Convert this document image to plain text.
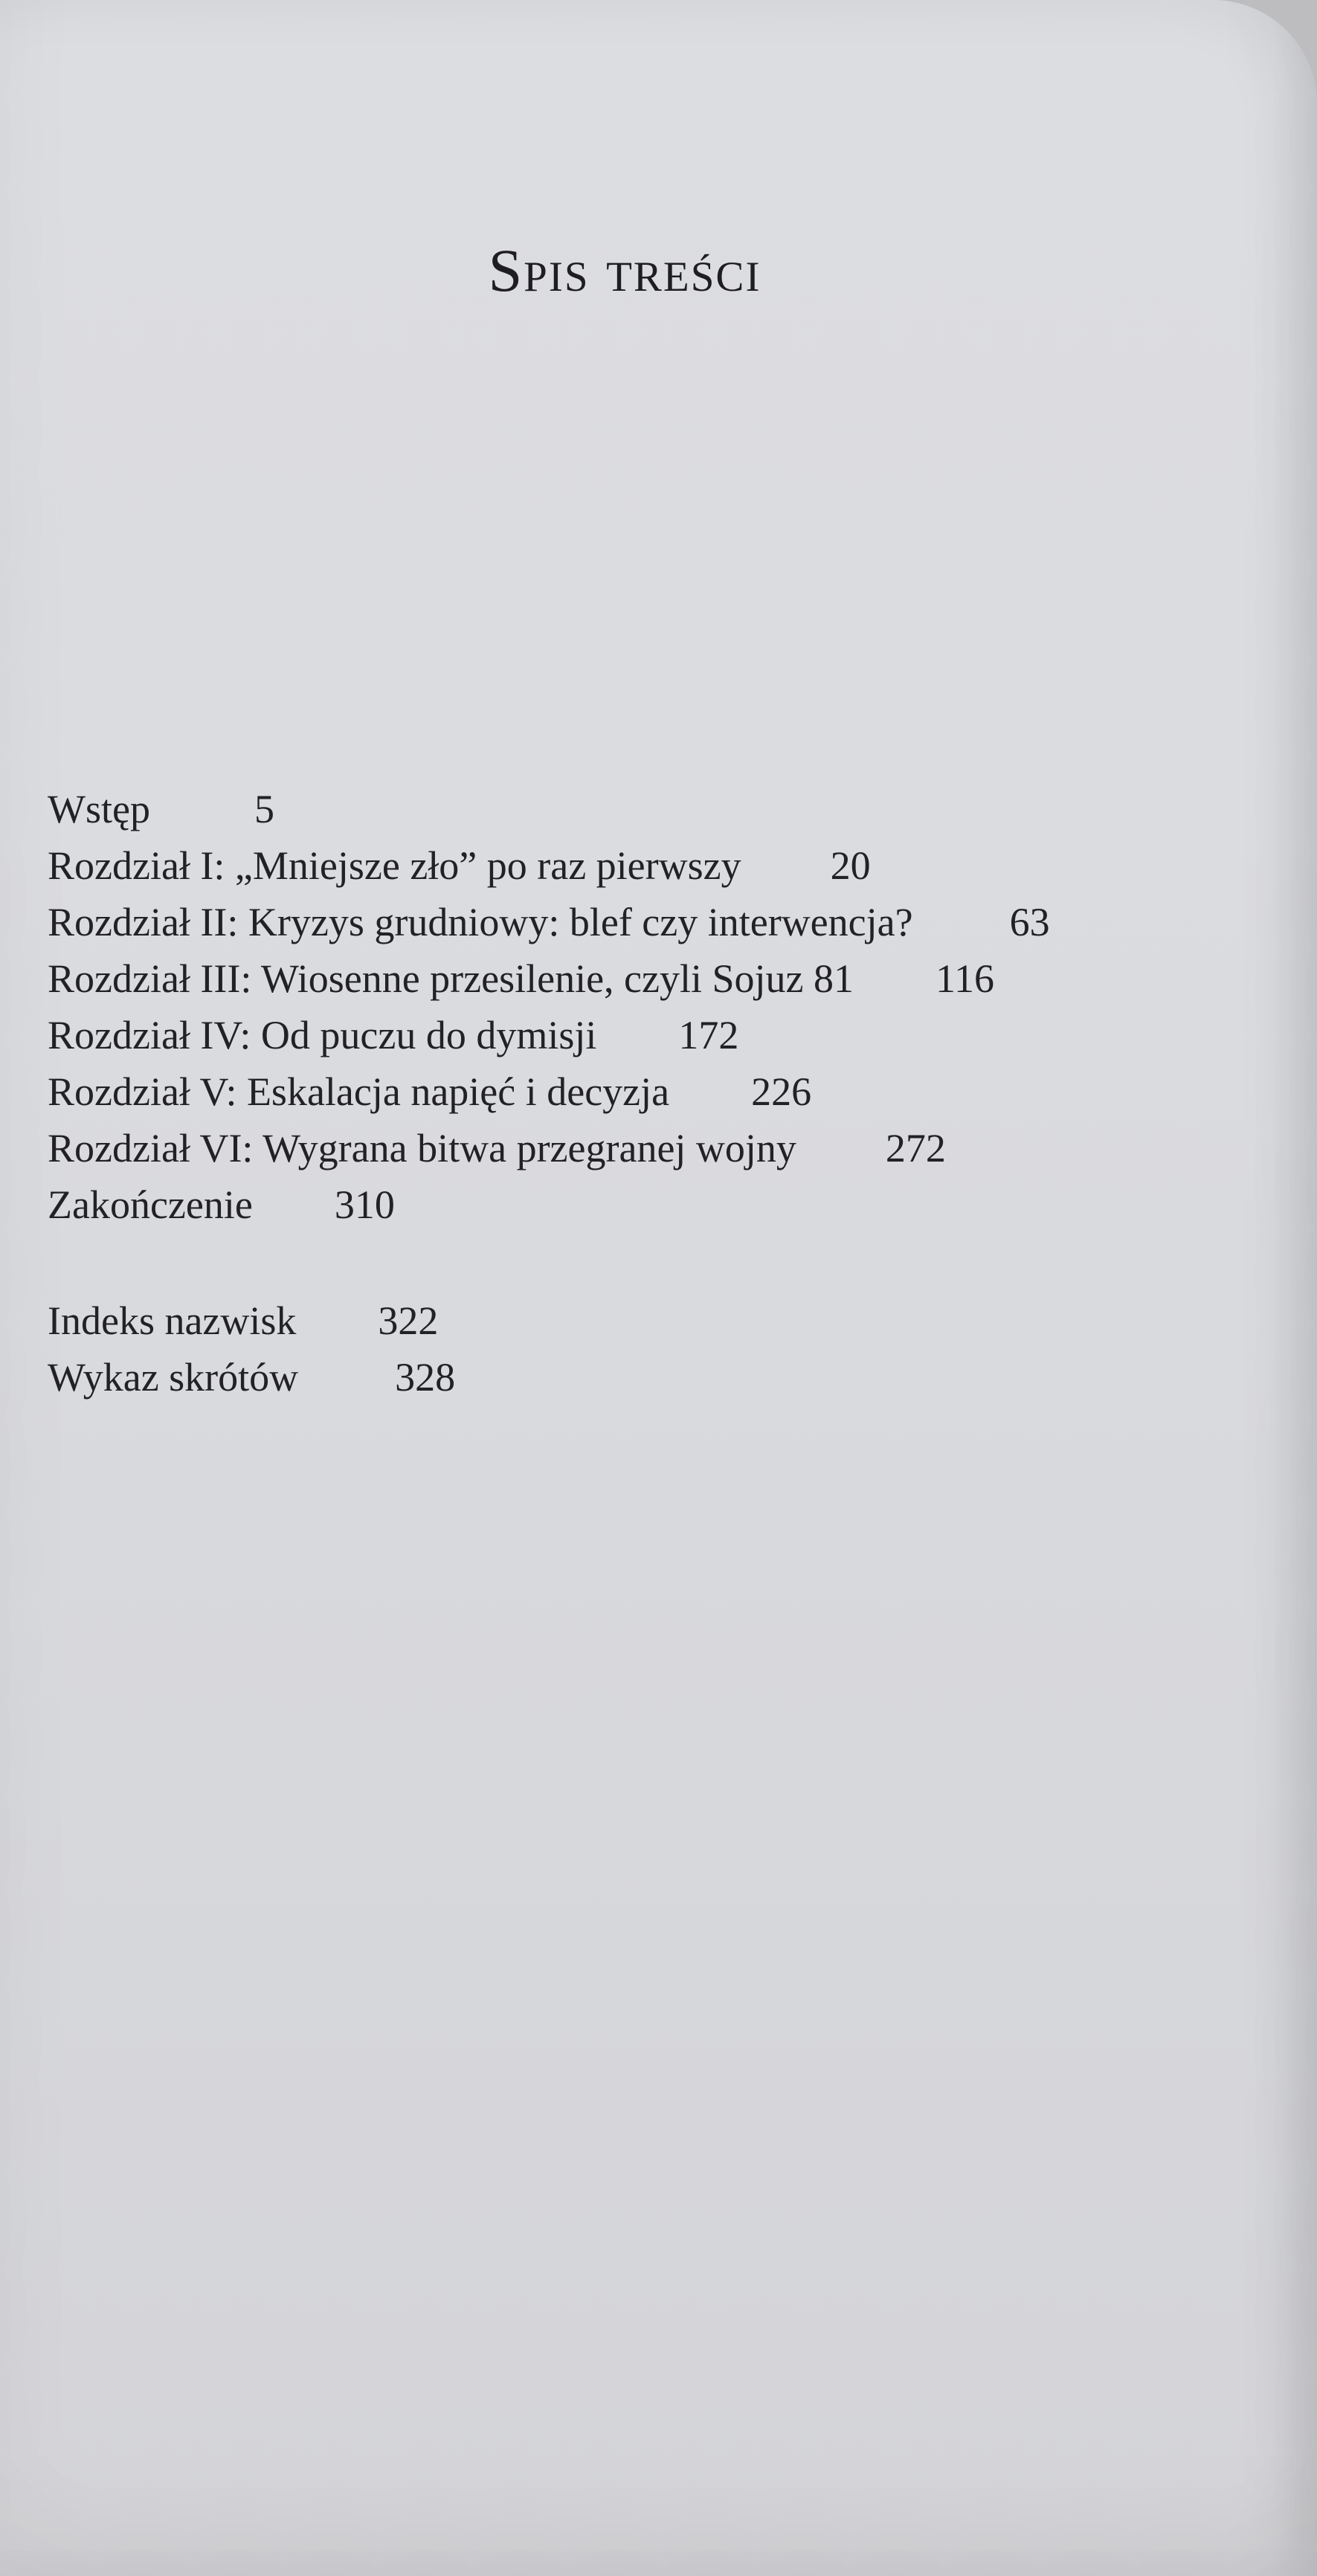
Spis treści
Wstęp	5
Rozdział I: „Mniejsze zło” po raz pierwszy 20
Rozdział II: Kryzys grudniowy: blef czy interwencja? 63
Rozdział III: Wiosenne przesilenie, czyli Sojuz 81 116
Rozdział IV: Od puczu do dymisji 172
Rozdział V: Eskalacja napięć i decyzja 226
Rozdział VI: Wygrana bitwa przegranej wojny 272
Zakończenie 310
Indeks nazwisk 322
Wykaz skrótów 328
